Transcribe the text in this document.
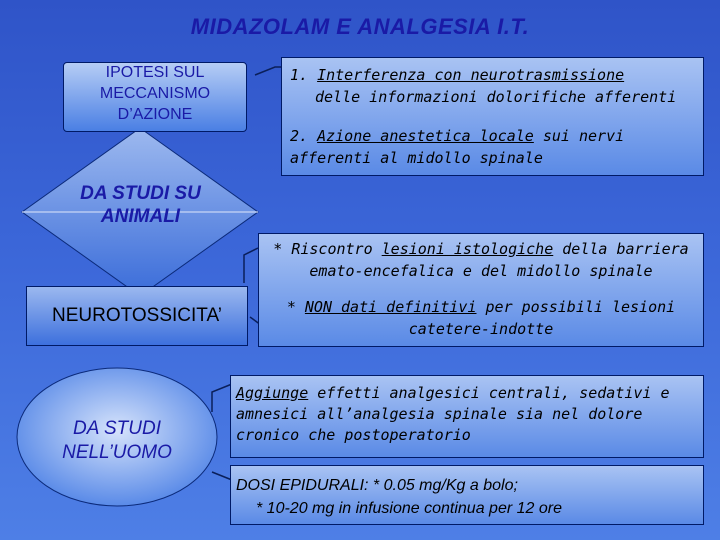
MIDAZOLAM E ANALGESIA I.T.
IPOTESI SUL MECCANISMO D’AZIONE
1. Interferenza con neurotrasmissione
delle informazioni dolorifiche afferenti
2. Azione anestetica locale sui nervi afferenti al midollo spinale
DA STUDI SU ANIMALI
NEUROTOSSICITA’
* Riscontro lesioni istologiche della barriera
emato-encefalica e del midollo spinale
* NON dati definitivi per possibili lesioni
catetere-indotte
DA STUDI NELL’UOMO
Aggiunge effetti analgesici centrali, sedativi e amnesici all’analgesia spinale sia nel dolore cronico che postoperatorio
DOSI EPIDURALI: * 0.05 mg/Kg a bolo;
* 10-20 mg in infusione continua per 12 ore
